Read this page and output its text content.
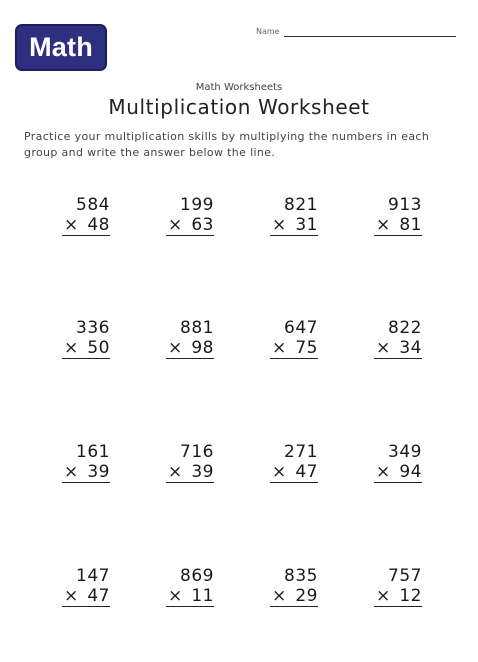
Math
Name
Math Worksheets
Multiplication Worksheet
Practice your multiplication skills by multiplying the numbers in each group and write the answer below the line.
584
× 48
199
× 63
821
× 31
913
× 81
336
× 50
881
× 98
647
× 75
822
× 34
161
× 39
716
× 39
271
× 47
349
× 94
147
× 47
869
× 11
835
× 29
757
× 12
